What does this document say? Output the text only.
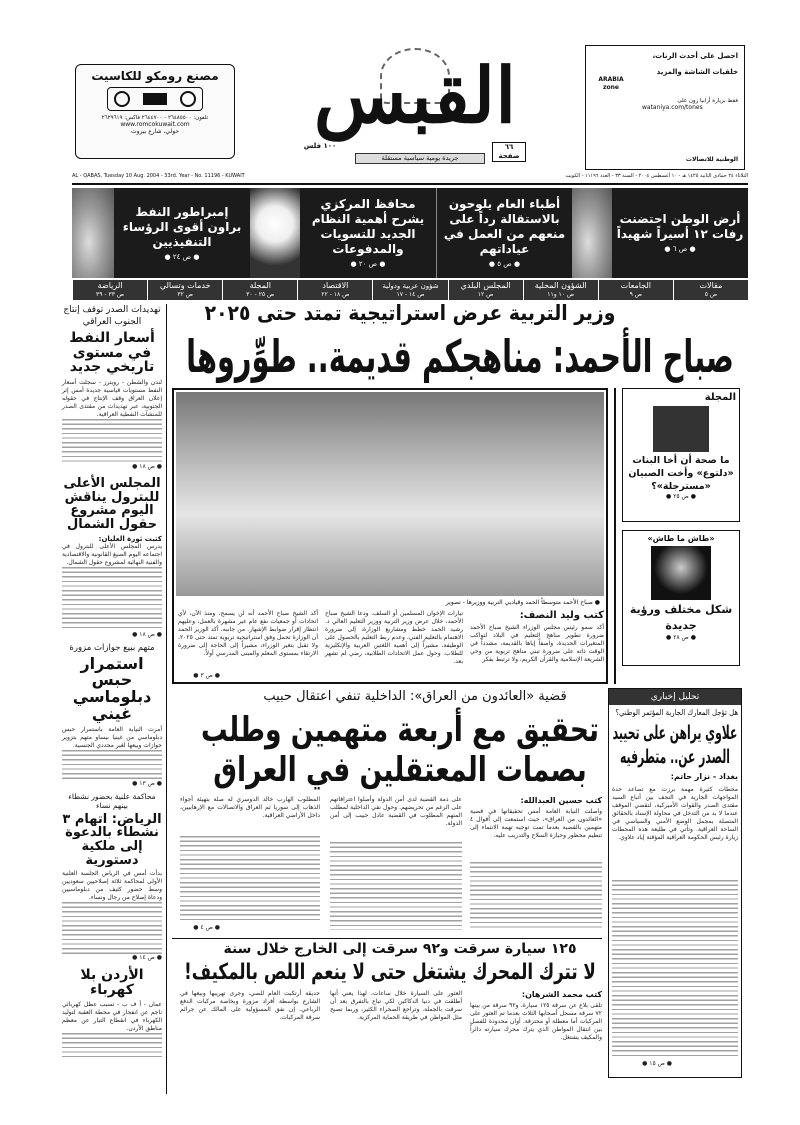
مصنع رومكو للكاسيت
تلفون: ٢٦٤٨٥٥٠٠ - ٢٦٤٤٧٠٠ فاكس: ٢٦٢٩٦١٩
www.romcokuwait.com
حولي، شارع بيروت	القبس
١٠٠ فلس
جريدة يومية سياسية مستقلة
٦٦ صفحة
احصل على أحدث الرنات،
خلفيات الشاشة والمزيد
فقط بزيارة أرابيا زون على
wataniya.com/tones
ARABIA zone
الوطنية للاتصالات
AL - QABAS, Tuesday 10 Aug. 2004 - 33rd. Year - No. 11196 - KUWAIT	الثلاثاء ٢٤ جمادى الثانية ١٤٢٥ هـ - ١٠ أغسطس ٢٠٠٤ - السنة ٣٣ - العدد ١١١٩٦ - الكويت
أرض الوطن احتضنت رفات ١٢ أسيراً شهيداً
● ص ٦ ●
أطباء العام يلوحون بالاستقالة رداً على منعهم من العمل في عياداتهم
● ص ٥ ●
محافظ المركزي يشرح أهمية النظام الجديد للتسويات والمدفوعات
● ص ٢٠ ●
إمبراطور النفط براون أقوى الرؤساء التنفيذيين
● ص ٢٤ ●
مقالات
ص ٥
الجامعات
ص ٩
الشؤون المحلية
ص ١٠ و١١
المجلس البلدي
ص ١٢
شؤون عربية ودولية
ص ١٤ - ١٧
الاقتصاد
ص ١٨ - ٢٢
المجلة
ص ٢٥ - ٣٠
خدمات وتسالي
ص ٣٢
الرياضة
ص ٣٣ - ٣٩
تهديدات الصدر توقف إنتاج الجنوب العراقي
أسعار النفط في مستوى تاريخي جديد
لندن والشطن - رويترز - سجلت أسعار النفط مستويات قياسية جديدة أمس إثر إعلان العراق وقف الإنتاج في حقوله الجنوبية، عبر تهديدات من مقتدى الصدر للمنشآت النفطية العراقية.
● ص ١٨ ●
المجلس الأعلى للبترول يناقش اليوم مشروع حقول الشمال
كتبت ثورة العلبان:
يدرس المجلس الأعلى للبترول في اجتماعه اليوم الصيغ القانونية والاقتصادية والفنية النهائية لمشروع حقول الشمال.
● ص ١٨ ●
متهم ببيع جوازات مزورة
استمرار حبس دبلوماسي غيني
أمرت النيابة العامة باستمرار حبس دبلوماسي من غينيا بيساو متهم بتزوير جوازات وبيعها لغير محددي الجنسية.
● ص ١٣ ●
محاكمة علنية بحضور نشطاء بينهم نساء
الرياض: اتهام ٣ نشطاء بالدعوة إلى ملكية دستورية
بدأت أمس في الرياض الجلسة العلنية الأولى لمحاكمة ثلاثة إصلاحيين سعوديين وسط حضور كثيف من دبلوماسيين ودعاة إصلاح من رجال ونساء.
● ص ١٤ ●
الأردن بلا كهرباء
عمان - أ ف ب - تسبب عطل كهربائي ناجم عن انفجار في محطة العقبة لتوليد الكهرباء في انقطاع التيار عن معظم مناطق الأردن.
وزير التربية عرض استراتيجية تمتد حتى ٢٠٢٥
صباح الأحمد: مناهجكم قديمة.. طوِّروها
● صباح الأحمد متوسطاً الحمد وقياديي التربية ووزيرها - تصوير
كتب وليد النصف:
أكد سمو رئيس مجلس الوزراء الشيخ صباح الأحمد ضرورة تطوير مناهج التعليم في البلاد لتواكب المتغيرات الجديدة، واصفاً إياها بالقديمة، مشدداً في الوقت ذاته على ضرورة تبني مناهج تربوية من وحي الشريعة الإسلامية والقرآن الكريم، ولا ترتبط بفكر
تيارات الإخوان المسلمين أو السلف. ودعا الشيخ صباح الأحمد، خلال عرض وزير التربية ووزير التعليم العالي د. رشيد الحمد خطط ومشاريع الوزارة، إلى ضرورة الاهتمام بالتعليم الفني، وعدم ربط التعليم بالحصول على الوظيفة، مشيراً إلى أهمية اللغتين العربية والإنكليزية للطلاب. وحول عمل الاتحادات الطلابية، رضي لم تشهر بعد.
أكد الشيخ صباح الأحمد أنه لن يسمح، ومنذ الآن، لأي اتحادات أو جمعيات نفع عام غير مشهرة بالعمل، وعليهم انتظار إقرار ضوابط الإشهار. من جانبه، أكد الوزير الحمد أن الوزارة تحمل وفق استراتيجية تربوية تمتد حتى ٢٠٢٥، ولا تقبل بتغير الوزراء، مشيراً إلى الحاجة إلى ضرورة الارتقاء بمستوى المعلم والمبنى المدرسي أولاً.
● ص ٣ ●
المجلة
ما صحة أن أخا البنات «دلتوع» وأخت الصبيان «مسترجلة»؟
● ص ٢٥ ●
«طاش ما طاش»
شكل مختلف ورؤية جديدة
● ص ٢٨ ●
قضية «العائدون من العراق»: الداخلية تنفي اعتقال حبيب
تحقيق مع أربعة متهمين وطلب بصمات المعتقلين في العراق
كتب حسين العبدالله:
واصلت النيابة العامة أمس تحقيقاتها في قضية «العائدون من العراق»، حيث استمعت إلى أقوال ٤ متهمين بالقضية بعدما تمت توجيه تهمة الانتماء إلى تنظيم محظور وحيازة السلاح والتدريب عليه.
على ذمة القضية لدى أمن الدولة وأصلوا اعترافاتهم على الرغم من تحريضهم. وحول نفي الداخلية لمطلب المتهم المطلوب في القضية عادل حبيب إلى أمن الدولة.
المطلوب الهارب خالد الدوسري له صلة بتهيئة أجواء الذهاب إلى سوريا ثم العراق والاتصالات مع الإرهابيين، داخل الأراضي العراقية.
● ص ٤ ●
تحليل إخباري
هل تؤجل المعارك الجارية المؤتمر الوطني؟
علاوي يراهن على تحييد الصدر عن.. متطرفيه
بغداد - نزار حاتم:
محطات كثيرة مهمة برزت مع تصاعد حدة المواجهات الجارية في النجف بين أتباع السيد مقتدى الصدر والقوات الأميركية، لتقضي الموقف عندما لا بد من التدخل في محاولة الإسناد بالحقائق المتصلة بمجمل الوضع الأمني والسياسي في الساحة العراقية. وتأتي في طليعة هذه المحطات زيارة رئيس الحكومة العراقية المؤقتة إياد علاوي.
● ص ١٥ ●
١٢٥ سيارة سرقت و٩٢ سرقت إلى الخارج خلال سنة
لا تترك المحرك يشتغل حتى لا ينعم اللص بالمكيف!
كتب محمد الشرهان:
تلقى بلاغ عن سرقة ١٢٥ سيارة، و٩٢ سرقة من بينها ٧٢ سرقة مسجل أصحابها الثلاث بعدما تم العثور على المركبات أما معطلة أو محترقة. أوان محدودة للفصل بين انتقال المواطن الذي يترك محرك سيارته دائراً والمكيف يشتغل.
العثور على السيارة خلال ساعات، لهذا يعني أنها أطلقت في دنيا الدكاكين لكي تباع بالتفرق بعد أن سرقت بالجملة. وتراجع الصحراء الكثير، وربما تصبح مثل المواطن في طريقة الحماية المركزية.
حديقة أرتكبت العام للصي، وجرى تهريبها وبيعها في الشارع بواسطة أفراد مزورة وبخاصة مركبات الدفع الرباعي. إن نفق المسؤولية على المالك عن جرائم سرقة المركبات.
